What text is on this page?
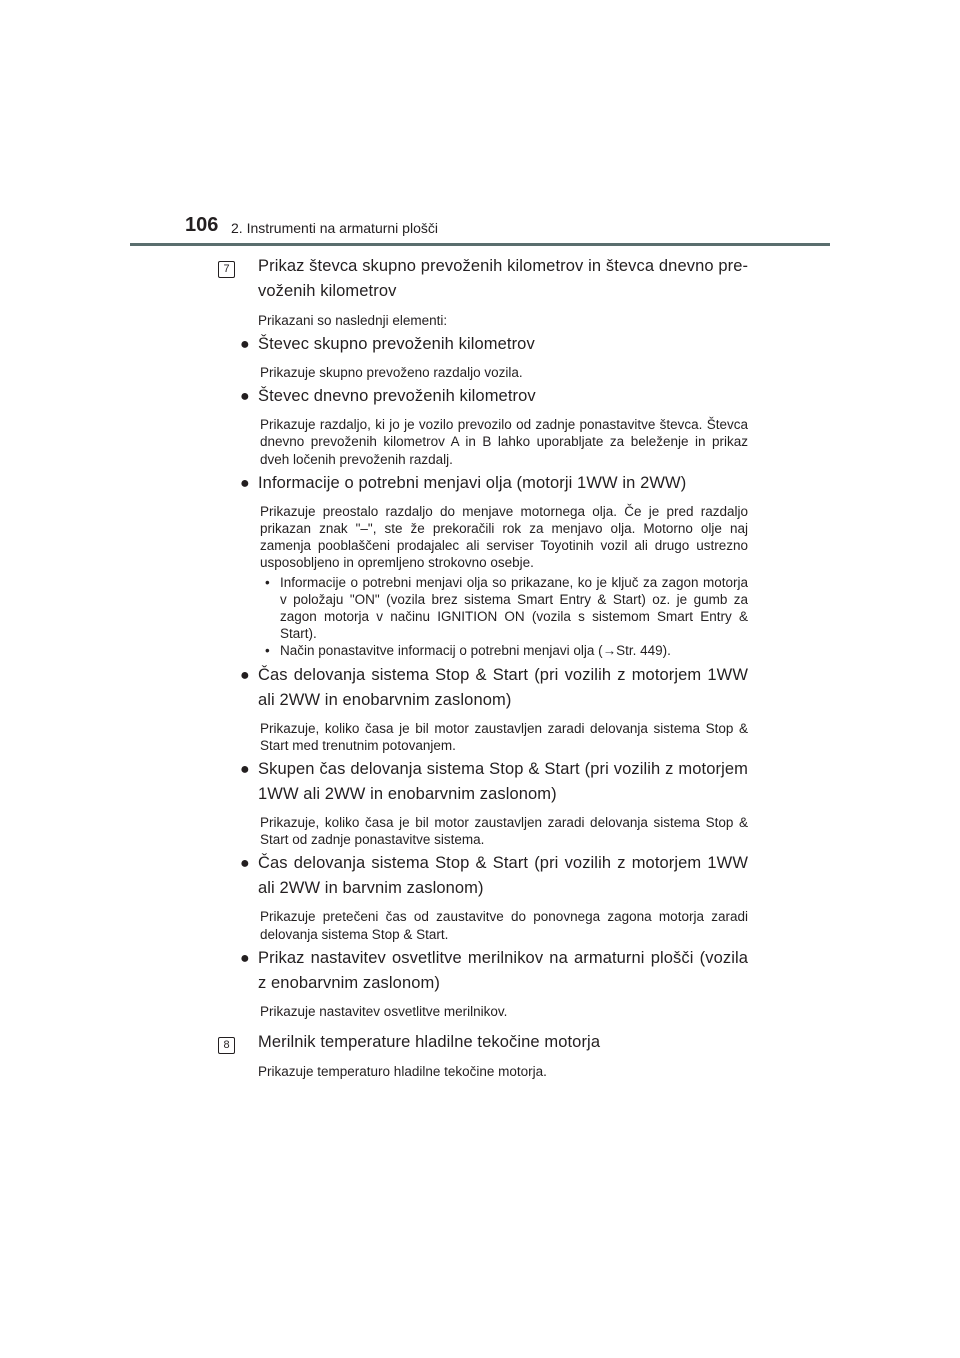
106 2. Instrumenti na armaturni plošči
7	Prikaz števca skupno prevoženih kilometrov in števca dnevno prevoženih kilometrov
Prikazani so naslednji elementi:
● Števec skupno prevoženih kilometrov
Prikazuje skupno prevoženo razdaljo vozila.
● Števec dnevno prevoženih kilometrov
Prikazuje razdaljo, ki jo je vozilo prevozilo od zadnje ponastavitve števca. Števca dnevno prevoženih kilometrov A in B lahko uporabljate za beleženje in prikaz dveh ločenih prevoženih razdalj.
● Informacije o potrebni menjavi olja (motorji 1WW in 2WW)
Prikazuje preostalo razdaljo do menjave motornega olja. Če je pred razdaljo prikazan znak "–", ste že prekoračili rok za menjavo olja. Motorno olje naj zamenja pooblaščeni prodajalec ali serviser Toyotinih vozil ali drugo ustrezno usposobljeno in opremljeno strokovno osebje.
• Informacije o potrebni menjavi olja so prikazane, ko je ključ za zagon motorja v položaju "ON" (vozila brez sistema Smart Entry & Start) oz. je gumb za zagon motorja v načinu IGNITION ON (vozila s sistemom Smart Entry & Start).
• Način ponastavitve informacij o potrebni menjavi olja (→Str. 449).
● Čas delovanja sistema Stop & Start (pri vozilih z motorjem 1WW ali 2WW in enobarvnim zaslonom)
Prikazuje, koliko časa je bil motor zaustavljen zaradi delovanja sistema Stop & Start med trenutnim potovanjem.
● Skupen čas delovanja sistema Stop & Start (pri vozilih z motorjem 1WW ali 2WW in enobarvnim zaslonom)
Prikazuje, koliko časa je bil motor zaustavljen zaradi delovanja sistema Stop & Start od zadnje ponastavitve sistema.
● Čas delovanja sistema Stop & Start (pri vozilih z motorjem 1WW ali 2WW in barvnim zaslonom)
Prikazuje pretečeni čas od zaustavitve do ponovnega zagona motorja zaradi delovanja sistema Stop & Start.
● Prikaz nastavitev osvetlitve merilnikov na armaturni plošči (vozila z enobarvnim zaslonom)
Prikazuje nastavitev osvetlitve merilnikov.
8	Merilnik temperature hladilne tekočine motorja
Prikazuje temperaturo hladilne tekočine motorja.
